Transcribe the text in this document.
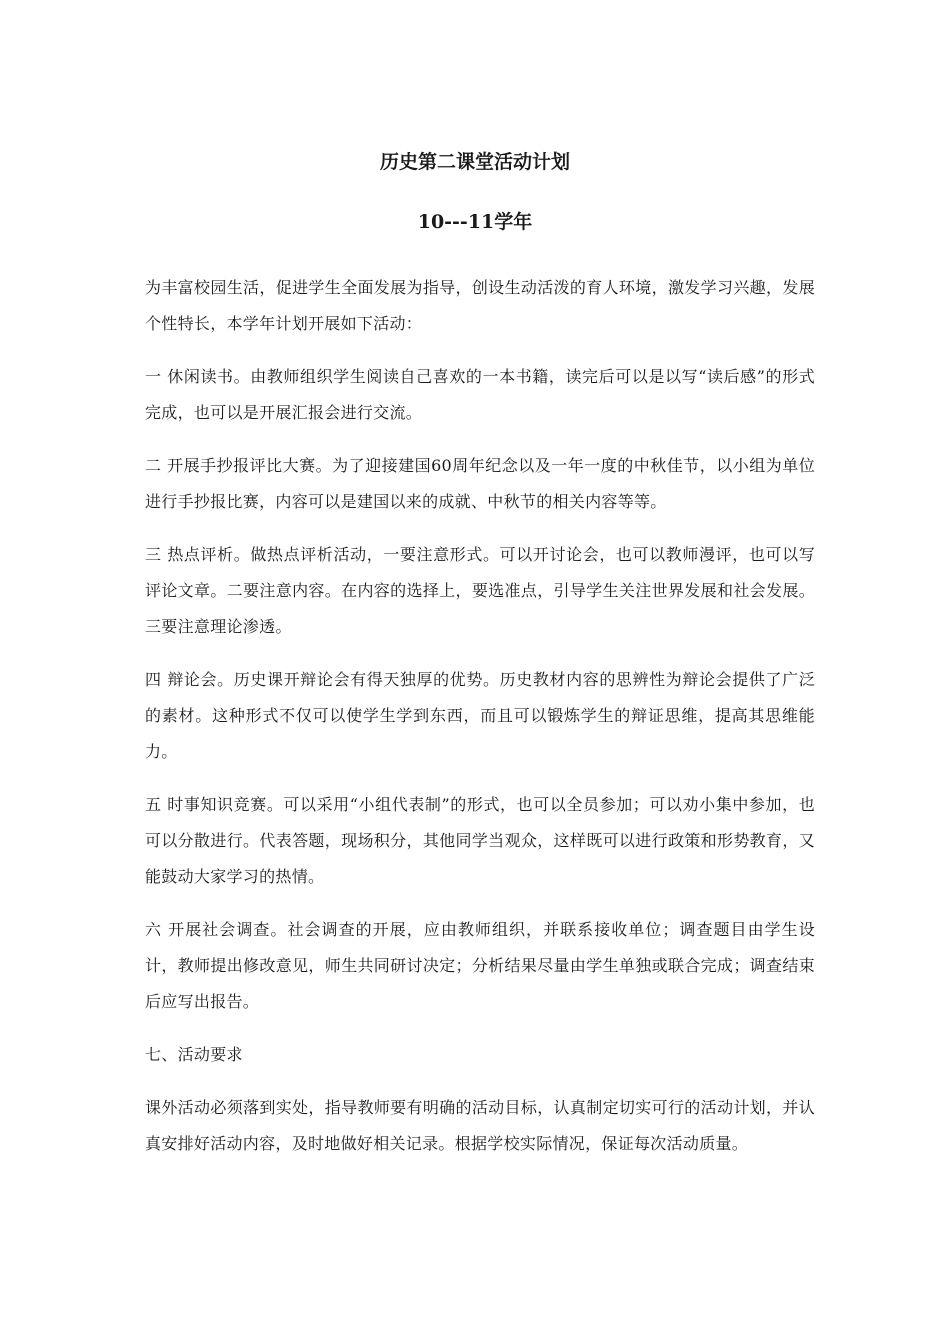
历史第二课堂活动计划
10---11学年

为丰富校园生活，促进学生全面发展为指导，创设生动活泼的育人环境，激发学习兴趣，发展个性特长，本学年计划开展如下活动：

一 休闲读书。由教师组织学生阅读自己喜欢的一本书籍，读完后可以是以写“读后感”的形式完成，也可以是开展汇报会进行交流。

二 开展手抄报评比大赛。为了迎接建国60周年纪念以及一年一度的中秋佳节，以小组为单位进行手抄报比赛，内容可以是建国以来的成就、中秋节的相关内容等等。

三 热点评析。做热点评析活动，一要注意形式。可以开讨论会，也可以教师漫评，也可以写评论文章。二要注意内容。在内容的选择上，要选准点，引导学生关注世界发展和社会发展。三要注意理论渗透。

四 辩论会。历史课开辩论会有得天独厚的优势。历史教材内容的思辨性为辩论会提供了广泛的素材。这种形式不仅可以使学生学到东西，而且可以锻炼学生的辩证思维，提高其思维能力。

五 时事知识竞赛。可以采用“小组代表制”的形式，也可以全员参加；可以劝小集中参加，也可以分散进行。代表答题，现场积分，其他同学当观众，这样既可以进行政策和形势教育，又能鼓动大家学习的热情。

六 开展社会调查。社会调查的开展，应由教师组织，并联系接收单位；调查题目由学生设计，教师提出修改意见，师生共同研讨决定；分析结果尽量由学生单独或联合完成；调查结束后应写出报告。

七、活动要求

课外活动必须落到实处，指导教师要有明确的活动目标，认真制定切实可行的活动计划，并认真安排好活动内容，及时地做好相关记录。根据学校实际情况，保证每次活动质量。
